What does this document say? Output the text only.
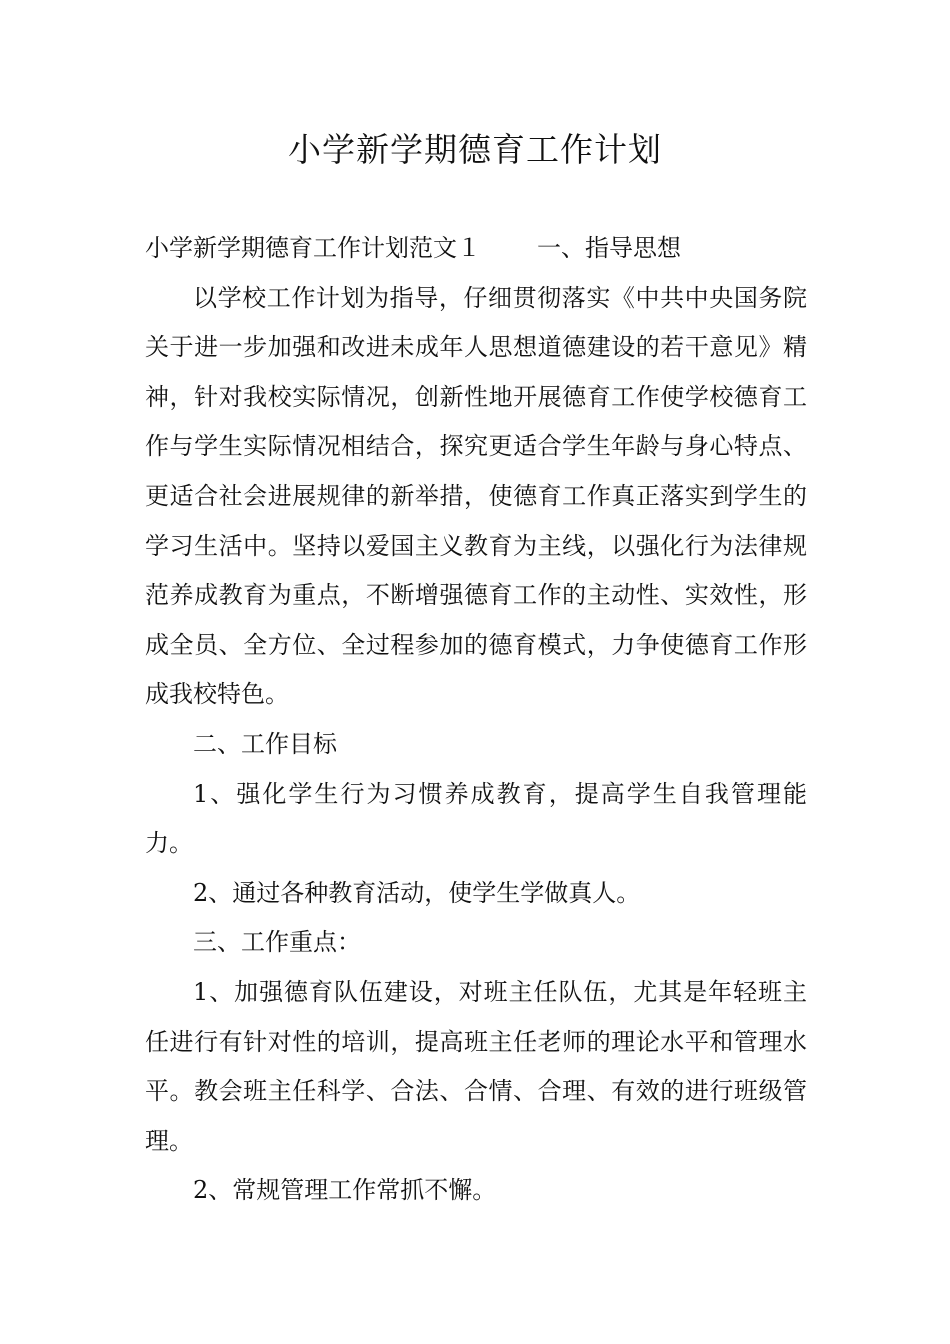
小学新学期德育工作计划

小学新学期德育工作计划范文１ 一、指导思想

以学校工作计划为指导，仔细贯彻落实《中共中央国务院关于进一步加强和改进未成年人思想道德建设的若干意见》精神，针对我校实际情况，创新性地开展德育工作使学校德育工作与学生实际情况相结合，探究更适合学生年龄与身心特点、更适合社会进展规律的新举措，使德育工作真正落实到学生的学习生活中。坚持以爱国主义教育为主线，以强化行为法律规范养成教育为重点，不断增强德育工作的主动性、实效性，形成全员、全方位、全过程参加的德育模式，力争使德育工作形成我校特色。

二、工作目标

1、强化学生行为习惯养成教育，提高学生自我管理能力。

2、通过各种教育活动，使学生学做真人。

三、工作重点：

1、加强德育队伍建设，对班主任队伍，尤其是年轻班主任进行有针对性的培训，提高班主任老师的理论水平和管理水平。教会班主任科学、合法、合情、合理、有效的进行班级管理。

2、常规管理工作常抓不懈。
